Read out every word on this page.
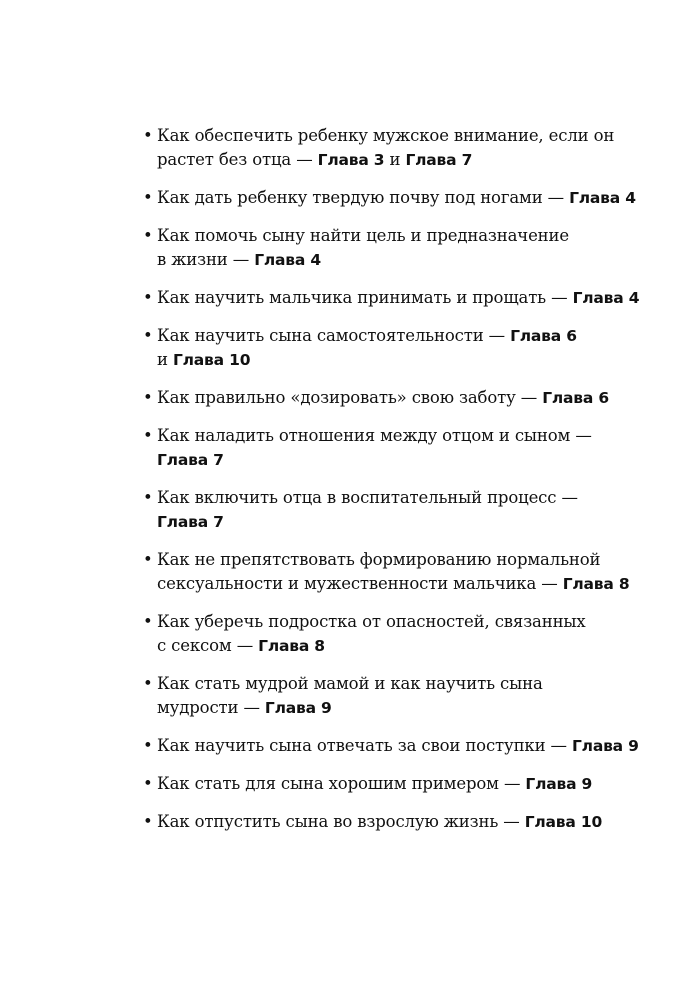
• Как обеспечить ребенку мужское внимание, если он
растет без отца — Глава 3 и Глава 7
• Как дать ребенку твердую почву под ногами — Глава 4
• Как помочь сыну найти цель и предназначение
в жизни — Глава 4
• Как научить мальчика принимать и прощать — Глава 4
• Как научить сына самостоятельности — Глава 6
и Глава 10
• Как правильно «дозировать» свою заботу — Глава 6
• Как наладить отношения между отцом и сыном —
Глава 7
• Как включить отца в воспитательный процесс —
Глава 7
• Как не препятствовать формированию нормальной
сексуальности и мужественности мальчика — Глава 8
• Как уберечь подростка от опасностей, связанных
с сексом — Глава 8
• Как стать мудрой мамой и как научить сына
мудрости — Глава 9
• Как научить сына отвечать за свои поступки — Глава 9
• Как стать для сына хорошим примером — Глава 9
• Как отпустить сына во взрослую жизнь — Глава 10
